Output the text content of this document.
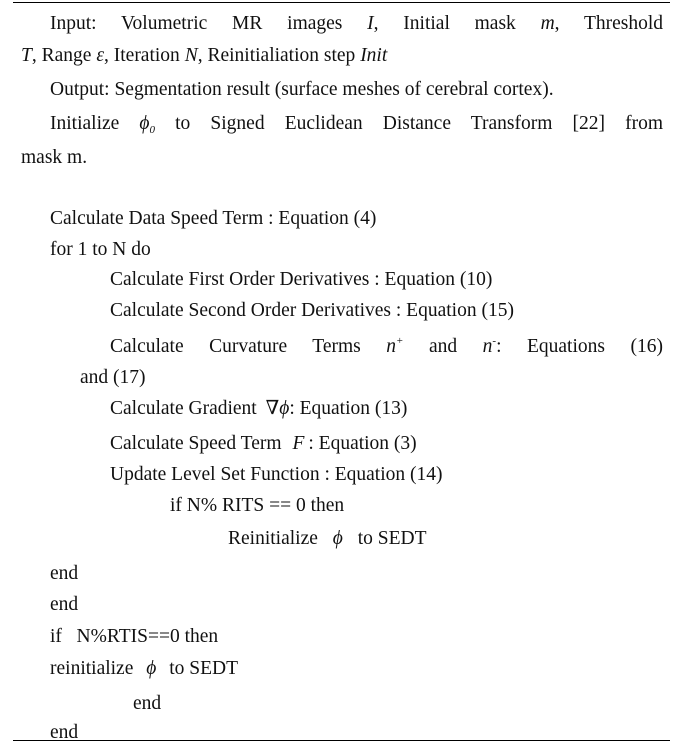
Input: Volumetric MR images I, Initial mask m, Threshold
T, Range ε, Iteration N, Reinitialiation step Init
Output: Segmentation result (surface meshes of cerebral cortex).
Initialize $\phi_0$ to Signed Euclidean Distance Transform [22] from
mask m.
Calculate Data Speed Term : Equation (4)
for 1 to N do
Calculate First Order Derivatives : Equation (10)
Calculate Second Order Derivatives : Equation (15)
Calculate Curvature Terms n+ and n-: Equations (16)
and (17)
Calculate Gradient ∇ϕ: Equation (13)
Calculate Speed Term F : Equation (3)
Update Level Set Function : Equation (14)
if N% RITS == 0 then
Reinitialize ϕ to SEDT
end
end
if   N%RTIS==0 then
reinitialize ϕ to SEDT
end
end
